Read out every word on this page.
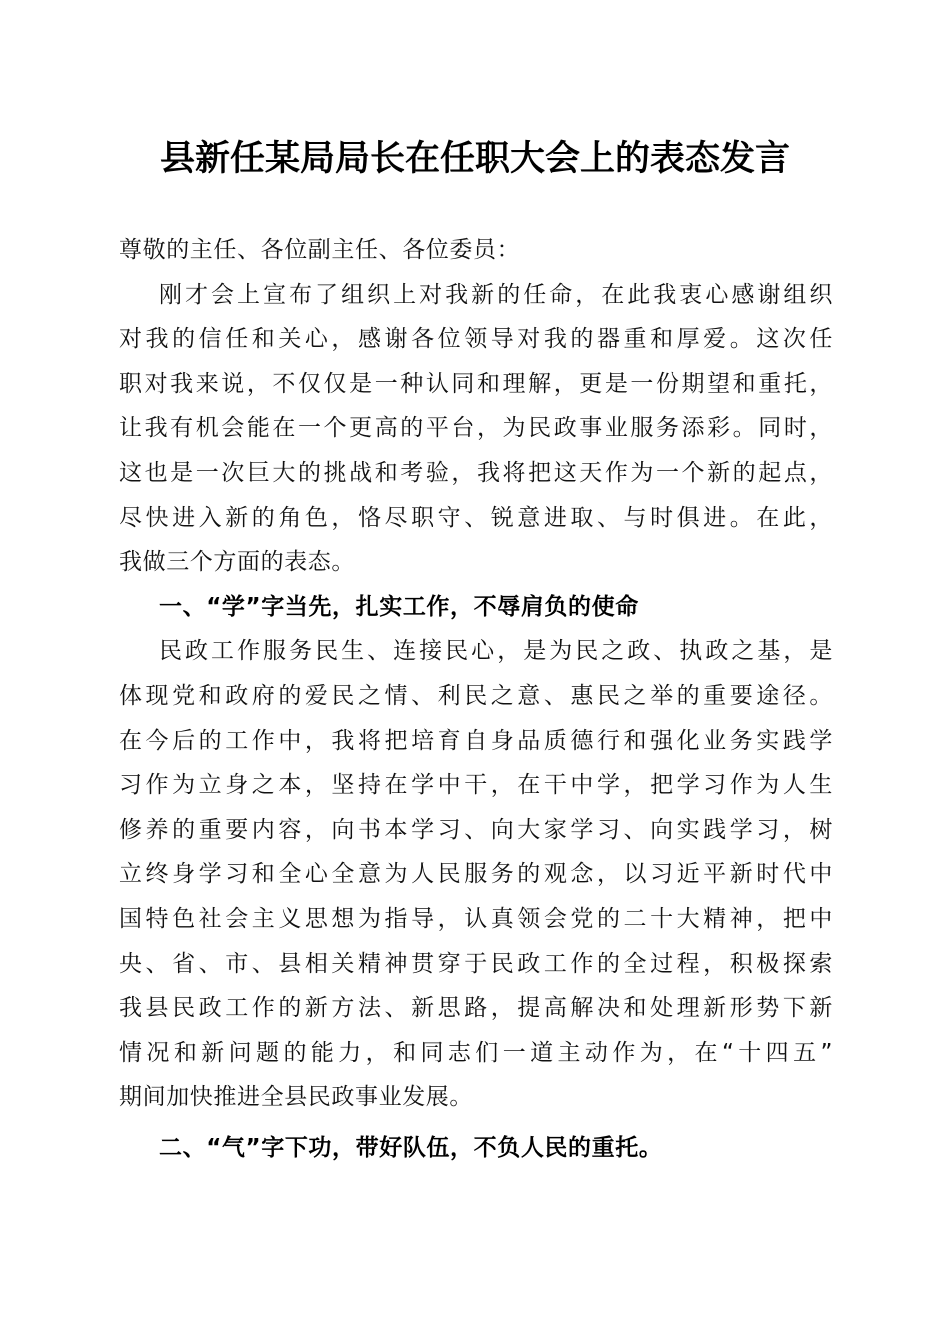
县新任某局局长在任职大会上的表态发言
尊敬的主任、各位副主任、各位委员：
刚才会上宣布了组织上对我新的任命，在此我衷心感谢组织
对我的信任和关心，感谢各位领导对我的器重和厚爱。这次任
职对我来说，不仅仅是一种认同和理解，更是一份期望和重托，
让我有机会能在一个更高的平台，为民政事业服务添彩。同时，
这也是一次巨大的挑战和考验，我将把这天作为一个新的起点，
尽快进入新的角色，恪尽职守、锐意进取、与时俱进。在此，
我做三个方面的表态。
一、“学”字当先，扎实工作，不辱肩负的使命
民政工作服务民生、连接民心，是为民之政、执政之基，是
体现党和政府的爱民之情、利民之意、惠民之举的重要途径。
在今后的工作中，我将把培育自身品质德行和强化业务实践学
习作为立身之本，坚持在学中干，在干中学，把学习作为人生
修养的重要内容，向书本学习、向大家学习、向实践学习，树
立终身学习和全心全意为人民服务的观念，以习近平新时代中
国特色社会主义思想为指导，认真领会党的二十大精神，把中
央、省、市、县相关精神贯穿于民政工作的全过程，积极探索
我县民政工作的新方法、新思路，提高解决和处理新形势下新
情况和新问题的能力，和同志们一道主动作为，在“十四五”
期间加快推进全县民政事业发展。
二、“气”字下功，带好队伍，不负人民的重托。
